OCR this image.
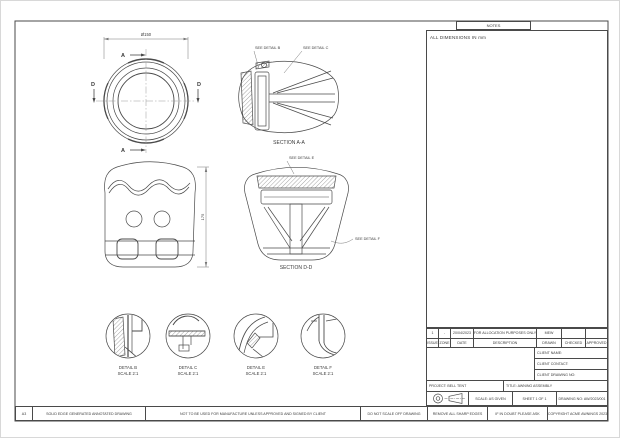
Ø150
A
A
D	D
SEE DETAIL B	SEE DETAIL C
SECTION A-A
175
SEE DETAIL E
SEE DETAIL F
SECTION D-D
DETAIL B
SCALE 2:1
DETAIL C
SCALE 2:1
DETAIL E
SCALE 2:1
DETAIL F
SCALE 2:1
NOTES
ALL DIMENSIONS IN mm
1	-	20/04/2023 FOR ALLOCATION PURPOSES ONLY	MEW
ISSUE ZONE	DATE	DESCRIPTION	DRAWN	CHECKED	APPROVED
CLIENT NAME:
CLIENT CONTACT:
CLIENT DRAWING NO:
PROJECT: BELL TENT	TITLE: AWNING ASSEMBLY
SCALE: AS GIVEN	SHEET 1 OF 1	DRAWING NO: AW/2023/001
A3	SOLID EDGE GENERATED ANNOTATED DRAWING	NOT TO BE USED FOR MANUFACTURE UNLESS APPROVED AND SIGNED BY CLIENT	DO NOT SCALE OFF DRAWING	REMOVE ALL SHARP EDGES	IF IN DOUBT PLEASE ASK	COPYRIGHT ACME AWNINGS 2023
